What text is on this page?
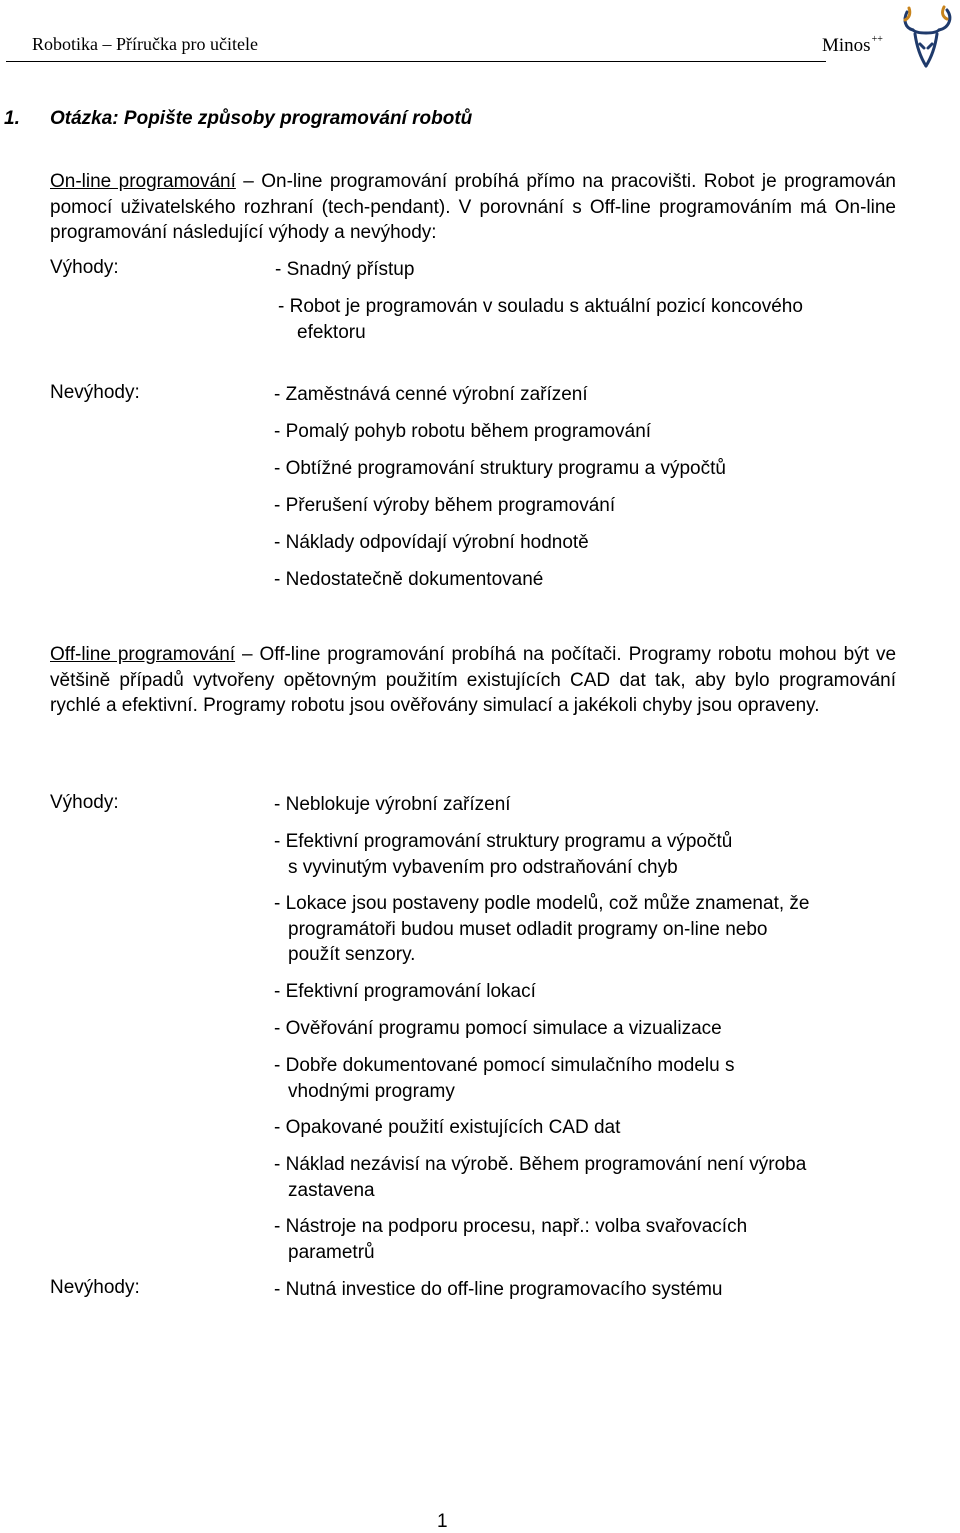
Robotika – Příručka pro učitele	Minos++
1. Otázka: Popište způsoby programování robotů
On-line programování – On-line programování probíhá přímo na pracovišti. Robot je programován pomocí uživatelského rozhraní (tech-pendant). V porovnání s Off-line programováním má On-line programování následující výhody a nevýhody:
Výhody:	- Snadný přístup
- Robot je programován v souladu s aktuální pozicí koncového
efektoru
Nevýhody:	- Zaměstnává cenné výrobní zařízení
- Pomalý pohyb robotu během programování
- Obtížné programování struktury programu a výpočtů
- Přerušení výroby během programování
- Náklady odpovídají výrobní hodnotě
- Nedostatečně dokumentované
Off-line programování – Off-line programování probíhá na počítači. Programy robotu mohou být ve většině případů vytvořeny opětovným použitím existujících CAD dat tak, aby bylo programování rychlé a efektivní. Programy robotu jsou ověřovány simulací a jakékoli chyby jsou opraveny.
Výhody:	- Neblokuje výrobní zařízení
- Efektivní programování struktury programu a výpočtů
s vyvinutým vybavením pro odstraňování chyb
- Lokace jsou postaveny podle modelů, což může znamenat, že
programátoři budou muset odladit programy on-line nebo
použít senzory.
- Efektivní programování lokací
- Ověřování programu pomocí simulace a vizualizace
- Dobře dokumentované pomocí simulačního modelu s
vhodnými programy
- Opakované použití existujících CAD dat
- Náklad nezávisí na výrobě. Během programování není výroba
zastavena
- Nástroje na podporu procesu, např.: volba svařovacích
parametrů
Nevýhody:	- Nutná investice do off-line programovacího systému
1
